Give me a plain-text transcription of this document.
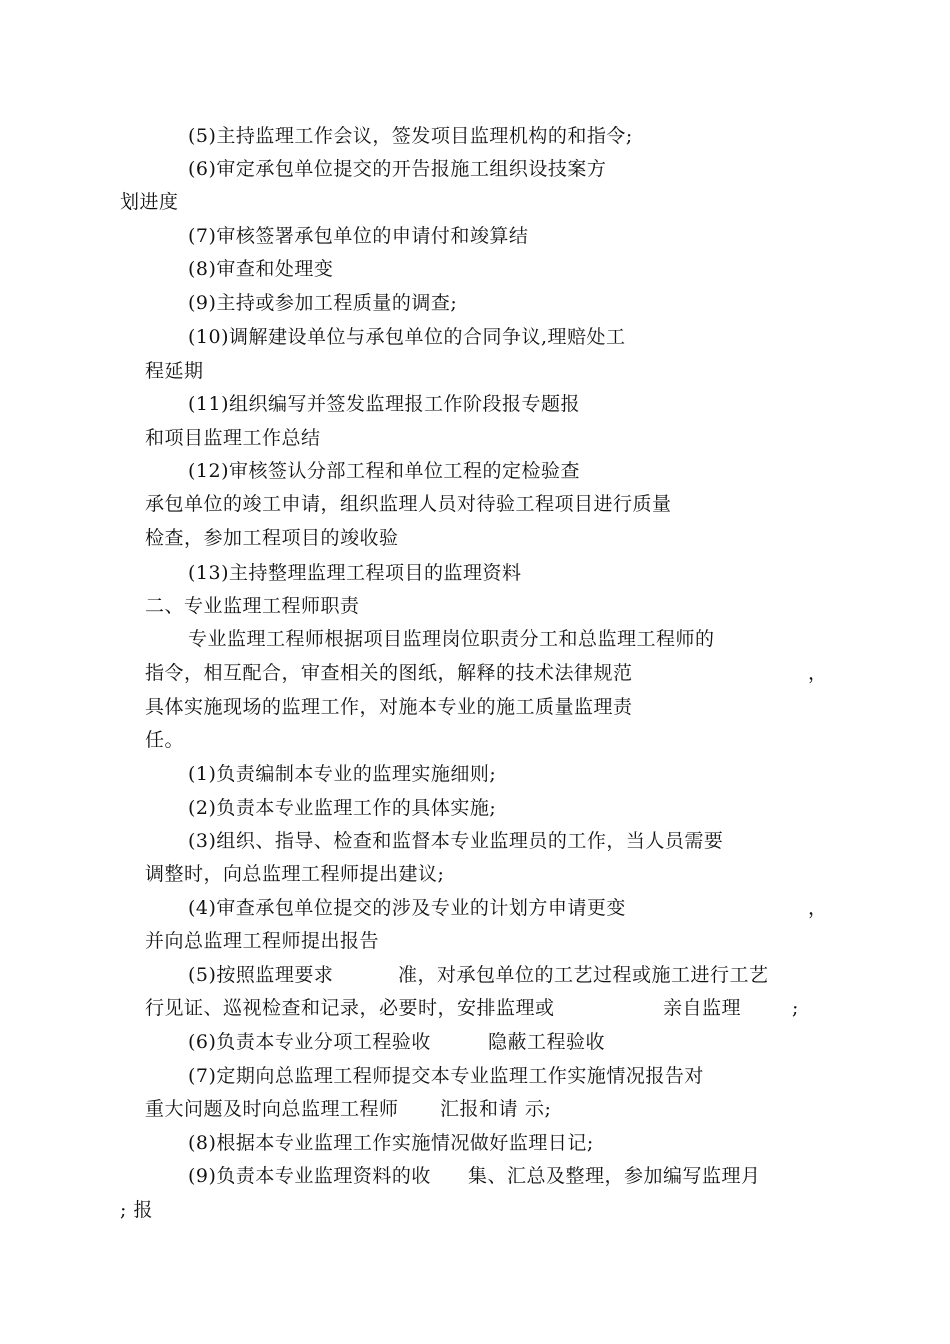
(5)主持监理工作会议，签发项目监理机构的和指令;
(6)审定承包单位提交的开告报施工组织设技案方
划进度
(7)审核签署承包单位的申请付和竣算结
(8)审查和处理变
(9)主持或参加工程质量的调查;
(10)调解建设单位与承包单位的合同争议,理赔处工
程延期
(11)组织编写并签发监理报工作阶段报专题报
和项目监理工作总结
(12)审核签认分部工程和单位工程的定检验查
承包单位的竣工申请，组织监理人员对待验工程项目进行质量
检查，参加工程项目的竣收验
(13)主持整理监理工程项目的监理资料
二、专业监理工程师职责
专业监理工程师根据项目监理岗位职责分工和总监理工程师的
指令，相互配合，审查相关的图纸，解释的技术法律规范	，
具体实施现场的监理工作，对施本专业的施工质量监理责
任。
(1)负责编制本专业的监理实施细则;
(2)负责本专业监理工作的具体实施;
(3)组织、指导、检查和监督本专业监理员的工作，当人员需要
调整时，向总监理工程师提出建议;
(4)审查承包单位提交的涉及专业的计划方申请更变	，
并向总监理工程师提出报告
(5)按照监理要求	准，对承包单位的工艺过程或施工进行工艺
行见证、巡视检查和记录，必要时，安排监理或	亲自监理	;
(6)负责本专业分项工程验收	隐蔽工程验收
(7)定期向总监理工程师提交本专业监理工作实施情况报告对
重大问题及时向总监理工程师 汇报和请 示;
(8)根据本专业监理工作实施情况做好监理日记;
(9)负责本专业监理资料的收 集、汇总及整理，参加编写监理月
; 报
